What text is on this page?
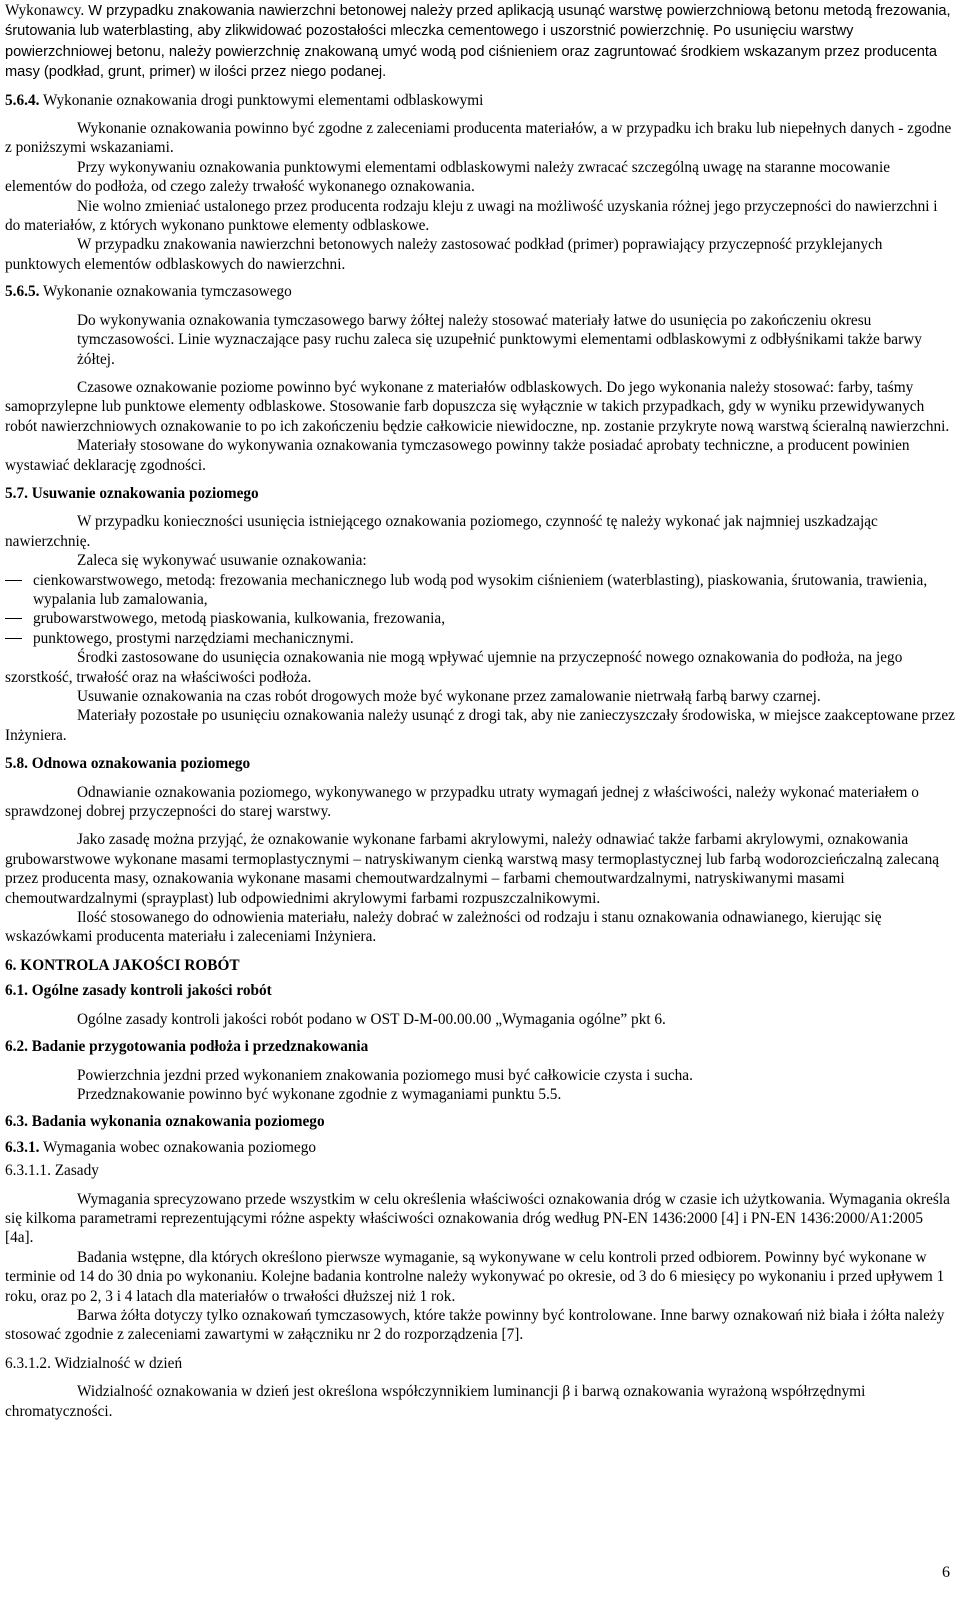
Wykonawcy. W przypadku znakowania nawierzchni betonowej należy przed aplikacją usunąć warstwę powierzchniową betonu metodą frezowania, śrutowania lub waterblasting, aby zlikwidować pozostałości mleczka cementowego i uszorstnić powierzchnię. Po usunięciu warstwy powierzchniowej betonu, należy powierzchnię znakowaną umyć wodą pod ciśnieniem oraz zagruntować środkiem wskazanym przez producenta masy (podkład, grunt, primer) w ilości przez niego podanej.

5.6.4. Wykonanie oznakowania drogi punktowymi elementami odblaskowymi

Wykonanie oznakowania powinno być zgodne z zaleceniami producenta materiałów, a w przypadku ich braku lub niepełnych danych - zgodne z poniższymi wskazaniami.

Przy wykonywaniu oznakowania punktowymi elementami odblaskowymi należy zwracać szczególną uwagę na staranne mocowanie elementów do podłoża, od czego zależy trwałość wykonanego oznakowania.

Nie wolno zmieniać ustalonego przez producenta rodzaju kleju z uwagi na możliwość uzyskania różnej jego przyczepności do nawierzchni i do materiałów, z których wykonano punktowe elementy odblaskowe.

W przypadku znakowania nawierzchni betonowych należy zastosować podkład (primer) poprawiający przyczepność przyklejanych punktowych elementów odblaskowych do nawierzchni.

5.6.5. Wykonanie oznakowania tymczasowego

Do wykonywania oznakowania tymczasowego barwy żółtej należy stosować materiały łatwe do usunięcia po zakończeniu okresu tymczasowości. Linie wyznaczające pasy ruchu zaleca się uzupełnić punktowymi elementami odblaskowymi z odbłyśnikami także barwy żółtej.

Czasowe oznakowanie poziome powinno być wykonane z materiałów odblaskowych. Do jego wykonania należy stosować: farby, taśmy samoprzylepne lub punktowe elementy odblaskowe. Stosowanie farb dopuszcza się wyłącznie w takich przypadkach, gdy w wyniku przewidywanych robót nawierzchniowych oznakowanie to po ich zakończeniu będzie całkowicie niewidoczne, np. zostanie przykryte nową warstwą ścieralną nawierzchni.

Materiały stosowane do wykonywania oznakowania tymczasowego powinny także posiadać aprobaty techniczne, a producent powinien wystawiać deklarację zgodności.

5.7. Usuwanie oznakowania poziomego

W przypadku konieczności usunięcia istniejącego oznakowania poziomego, czynność tę należy wykonać jak najmniej uszkadzając nawierzchnię.

Zaleca się wykonywać usuwanie oznakowania:

cienkowarstwowego, metodą: frezowania mechanicznego lub wodą pod wysokim ciśnieniem (waterblasting), piaskowania, śrutowania, trawienia, wypalania lub zamalowania,

grubowarstwowego, metodą piaskowania, kulkowania, frezowania,

punktowego, prostymi narzędziami mechanicznymi.

Środki zastosowane do usunięcia oznakowania nie mogą wpływać ujemnie na przyczepność nowego oznakowania do podłoża, na jego szorstkość, trwałość oraz na właściwości podłoża.

Usuwanie oznakowania na czas robót drogowych może być wykonane przez zamalowanie nietrwałą farbą barwy czarnej.

Materiały pozostałe po usunięciu oznakowania należy usunąć z drogi tak, aby nie zanieczyszczały środowiska, w miejsce zaakceptowane przez Inżyniera.

5.8. Odnowa oznakowania poziomego

Odnawianie oznakowania poziomego, wykonywanego w przypadku utraty wymagań jednej z właściwości, należy wykonać materiałem o sprawdzonej dobrej przyczepności do starej warstwy.

Jako zasadę można przyjąć, że oznakowanie wykonane farbami akrylowymi, należy odnawiać także farbami akrylowymi, oznakowania grubowarstwowe wykonane masami termoplastycznymi – natryskiwanym cienką warstwą masy termoplastycznej lub farbą wodorozcieńczalną zalecaną przez producenta masy, oznakowania wykonane masami chemoutwardzalnymi – farbami chemoutwardzalnymi, natryskiwanymi masami chemoutwardzalnymi (sprayplast) lub odpowiednimi akrylowymi farbami rozpuszczalnikowymi.

Ilość stosowanego do odnowienia materiału, należy dobrać w zależności od rodzaju i stanu oznakowania odnawianego, kierując się wskazówkami producenta materiału i zaleceniami Inżyniera.

6. KONTROLA JAKOŚCI ROBÓT

6.1. Ogólne zasady kontroli jakości robót

Ogólne zasady kontroli jakości robót podano w OST D-M-00.00.00 „Wymagania ogólne” pkt 6.

6.2. Badanie przygotowania podłoża i przedznakowania

Powierzchnia jezdni przed wykonaniem znakowania poziomego musi być całkowicie czysta i sucha.

Przedznakowanie powinno być wykonane zgodnie z wymaganiami punktu 5.5.

6.3. Badania wykonania oznakowania poziomego

6.3.1. Wymagania wobec oznakowania poziomego

6.3.1.1. Zasady

Wymagania sprecyzowano przede wszystkim w celu określenia właściwości oznakowania dróg w czasie ich użytkowania. Wymagania określa się kilkoma parametrami reprezentującymi różne aspekty właściwości oznakowania dróg według PN-EN 1436:2000 [4] i PN-EN 1436:2000/A1:2005 [4a].

Badania wstępne, dla których określono pierwsze wymaganie, są wykonywane w celu kontroli przed odbiorem. Powinny być wykonane w terminie od 14 do 30 dnia po wykonaniu. Kolejne badania kontrolne należy wykonywać po okresie, od 3 do 6 miesięcy po wykonaniu i przed upływem 1 roku, oraz po 2, 3 i 4 latach dla materiałów o trwałości dłuższej niż 1 rok.

Barwa żółta dotyczy tylko oznakowań tymczasowych, które także powinny być kontrolowane. Inne barwy oznakowań niż biała i żółta należy stosować zgodnie z zaleceniami zawartymi w załączniku nr 2 do rozporządzenia [7].

6.3.1.2. Widzialność w dzień

Widzialność oznakowania w dzień jest określona współczynnikiem luminancji β i barwą oznakowania wyrażoną współrzędnymi chromatyczności.

6
